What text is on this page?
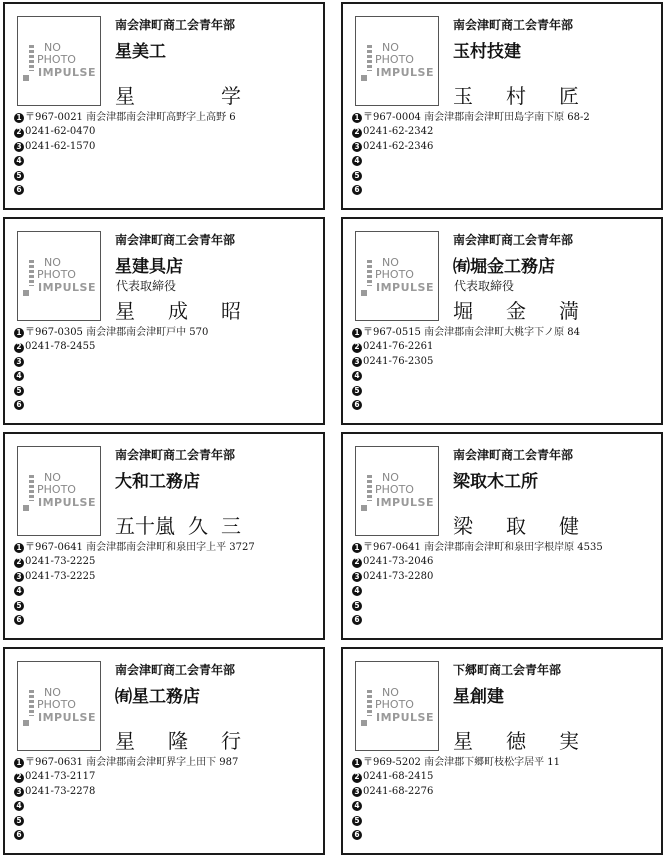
NO
PHOTO
IMPULSE
南会津町商工会青年部
星美工
星	学
1 〒967-0021 南会津郡南会津町高野字上高野 6
2 0241-62-0470
3 0241-62-1570
4
5
6
NO
PHOTO
IMPULSE
南会津町商工会青年部
玉村技建
玉 村 匠
1 〒967-0004 南会津郡南会津町田島字南下原 68-2
2 0241-62-2342
3 0241-62-2346
4
5
6
NO
PHOTO
IMPULSE
南会津町商工会青年部
星建具店
代表取締役
星 成 昭
1 〒967-0305 南会津郡南会津町戸中 570
2 0241-78-2455
3
4
5
6
NO
PHOTO
IMPULSE
南会津町商工会青年部
㈲堀金工務店
代表取締役
堀 金 満
1 〒967-0515 南会津郡南会津町大桃字下ノ原 84
2 0241-76-2261
3 0241-76-2305
4
5
6
NO
PHOTO
IMPULSE
南会津町商工会青年部
大和工務店
五十嵐 久 三
1 〒967-0641 南会津郡南会津町和泉田字上平 3727
2 0241-73-2225
3 0241-73-2225
4
5
6
NO
PHOTO
IMPULSE
南会津町商工会青年部
梁取木工所
梁 取 健
1 〒967-0641 南会津郡南会津町和泉田字根岸原 4535
2 0241-73-2046
3 0241-73-2280
4
5
6
NO
PHOTO
IMPULSE
南会津町商工会青年部
㈲星工務店
星 隆 行
1 〒967-0631 南会津郡南会津町界字上田下 987
2 0241-73-2117
3 0241-73-2278
4
5
6
NO
PHOTO
IMPULSE
下郷町商工会青年部
星創建
星 徳 実
1 〒969-5202 南会津郡下郷町枝松字居平 11
2 0241-68-2415
3 0241-68-2276
4
5
6
